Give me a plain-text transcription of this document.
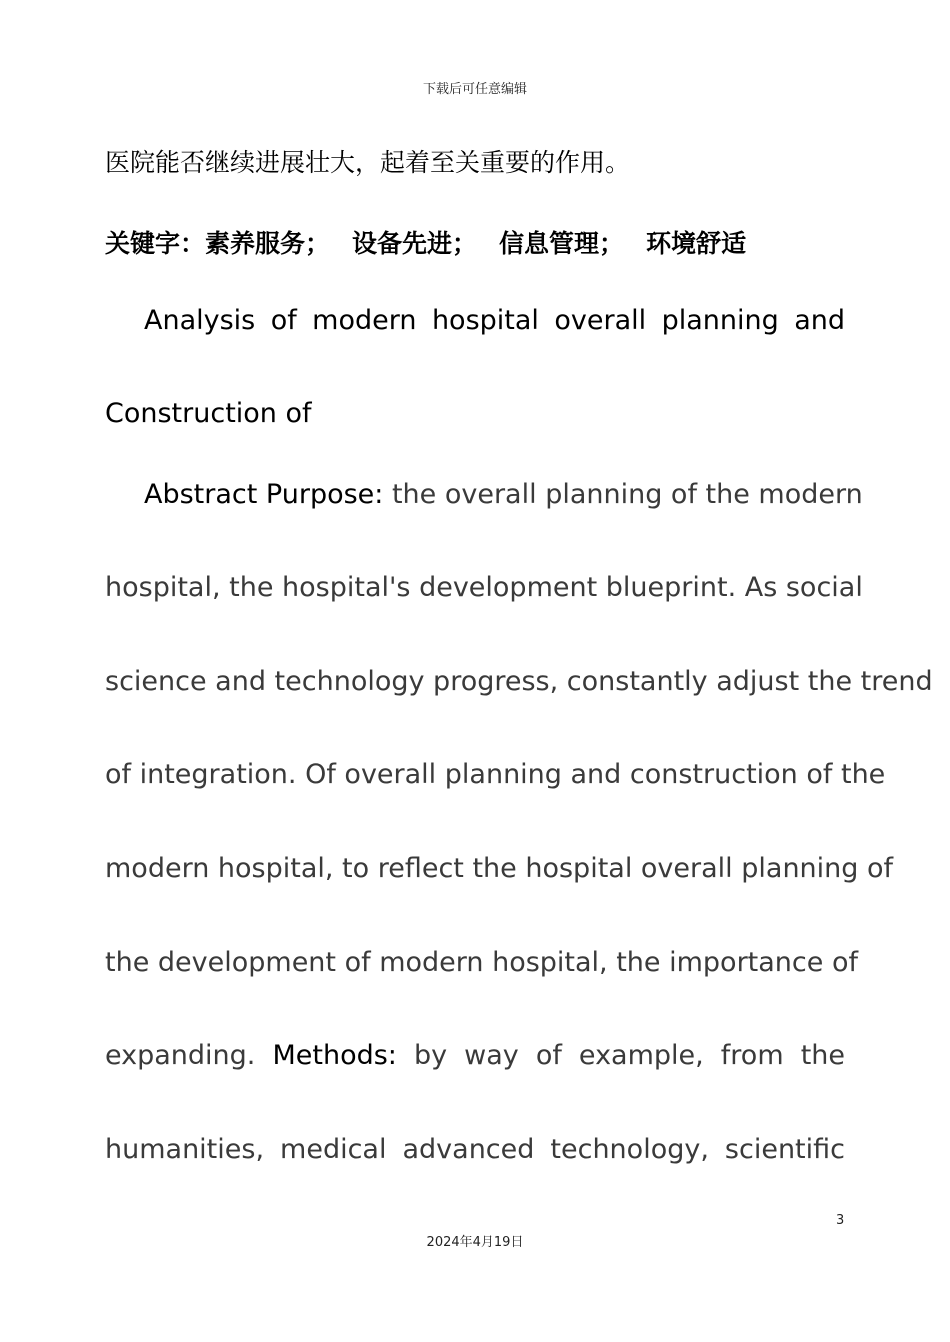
下载后可任意编辑
医院能否继续进展壮大，起着至关重要的作用。
关键字：素养服务； 设备先进； 信息管理； 环境舒适
Analysis of modern hospital overall planning and
Construction of
Abstract Purpose: the overall planning of the modern
hospital, the hospital's development blueprint. As social
science and technology progress, constantly adjust the trend
of integration. Of overall planning and construction of the
modern hospital, to reflect the hospital overall planning of
the development of modern hospital, the importance of
expanding. Methods: by way of example, from the
humanities, medical advanced technology, scientific
3
2024年4月19日
